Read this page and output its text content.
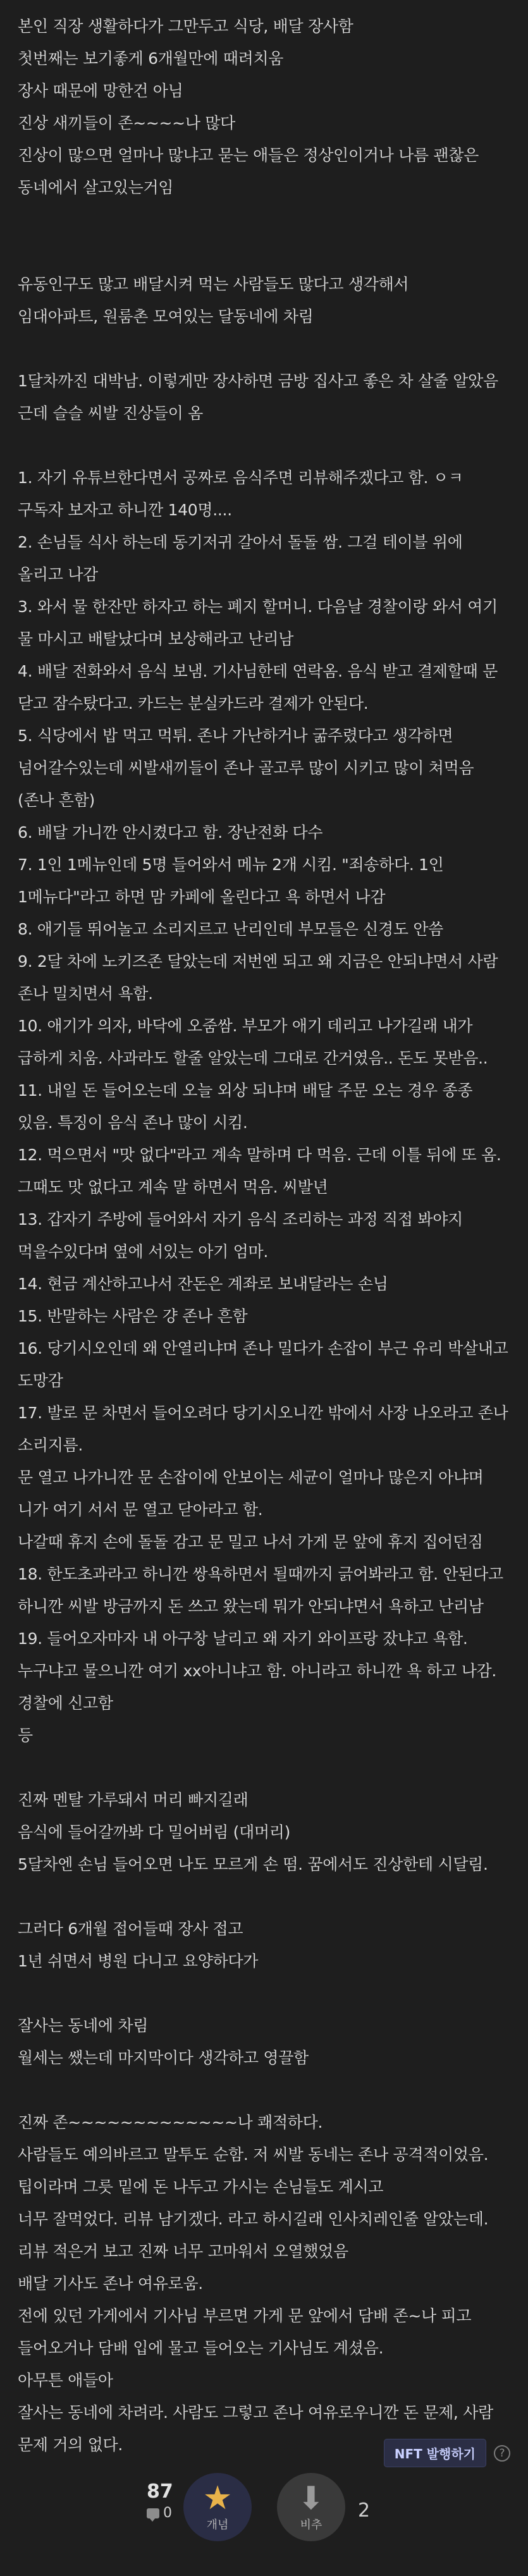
본인 직장 생활하다가 그만두고 식당, 배달 장사함
첫번째는 보기좋게 6개월만에 때려치움
장사 때문에 망한건 아님
진상 새끼들이 존~~~~나 많다
진상이 많으면 얼마나 많냐고 묻는 애들은 정상인이거나 나름 괜찮은 동네에서 살고있는거임
유동인구도 많고 배달시켜 먹는 사람들도 많다고 생각해서
임대아파트, 원룸촌 모여있는 달동네에 차림
1달차까진 대박남. 이렇게만 장사하면 금방 집사고 좋은 차 살줄 알았음
근데 슬슬 씨발 진상들이 옴
1. 자기 유튜브한다면서 공짜로 음식주면 리뷰해주겠다고 함. ㅇㅋ 구독자 보자고 하니깐 140명....
2. 손님들 식사 하는데 동기저귀 갈아서 돌돌 쌈. 그걸 테이블 위에 올리고 나감
3. 와서 물 한잔만 하자고 하는 폐지 할머니. 다음날 경찰이랑 와서 여기 물 마시고 배탈났다며 보상해라고 난리남
4. 배달 전화와서 음식 보냄. 기사님한테 연락옴. 음식 받고 결제할때 문 닫고 잠수탔다고. 카드는 분실카드라 결제가 안된다.
5. 식당에서 밥 먹고 먹튀. 존나 가난하거나 굶주렸다고 생각하면 넘어갈수있는데 씨발새끼들이 존나 골고루 많이 시키고 많이 쳐먹음 (존나 흔함)
6. 배달 가니깐 안시켰다고 함. 장난전화 다수
7. 1인 1메뉴인데 5명 들어와서 메뉴 2개 시킴. "죄송하다. 1인 1메뉴다"라고 하면 맘 카페에 올린다고 욕 하면서 나감
8. 애기들 뛰어놀고 소리지르고 난리인데 부모들은 신경도 안씀
9. 2달 차에 노키즈존 달았는데 저번엔 되고 왜 지금은 안되냐면서 사람 존나 밀치면서 욕함.
10. 애기가 의자, 바닥에 오줌쌈. 부모가 애기 데리고 나가길래 내가 급하게 치움. 사과라도 할줄 알았는데 그대로 간거였음.. 돈도 못받음..
11. 내일 돈 들어오는데 오늘 외상 되냐며 배달 주문 오는 경우 종종 있음. 특징이 음식 존나 많이 시킴.
12. 먹으면서 "맛 없다"라고 계속 말하며 다 먹음. 근데 이틀 뒤에 또 옴. 그때도 맛 없다고 계속 말 하면서 먹음. 씨발년
13. 갑자기 주방에 들어와서 자기 음식 조리하는 과정 직접 봐야지 먹을수있다며 옆에 서있는 아기 엄마.
14. 현금 계산하고나서 잔돈은 계좌로 보내달라는 손님
15. 반말하는 사람은 걍 존나 흔함
16. 당기시오인데 왜 안열리냐며 존나 밀다가 손잡이 부근 유리 박살내고 도망감
17. 발로 문 차면서 들어오려다 당기시오니깐 밖에서 사장 나오라고 존나 소리지름.
문 열고 나가니깐 문 손잡이에 안보이는 세균이 얼마나 많은지 아냐며 니가 여기 서서 문 열고 닫아라고 함.
나갈때 휴지 손에 돌돌 감고 문 밀고 나서 가게 문 앞에 휴지 집어던짐
18. 한도초과라고 하니깐 쌍욕하면서 될때까지 긁어봐라고 함. 안된다고 하니깐 씨발 방금까지 돈 쓰고 왔는데 뭐가 안되냐면서 욕하고 난리남
19. 들어오자마자 내 아구창 날리고 왜 자기 와이프랑 잤냐고 욕함. 누구냐고 물으니깐 여기 xx아니냐고 함. 아니라고 하니깐 욕 하고 나감. 경찰에 신고함
등
진짜 멘탈 가루돼서 머리 빠지길래
음식에 들어갈까봐 다 밀어버림 (대머리)
5달차엔 손님 들어오면 나도 모르게 손 떰. 꿈에서도 진상한테 시달림.
그러다 6개월 접어들때 장사 접고
1년 쉬면서 병원 다니고 요양하다가
잘사는 동네에 차림
월세는 쌨는데 마지막이다 생각하고 영끌함
진짜 존~~~~~~~~~~~~~나 쾌적하다.
사람들도 예의바르고 말투도 순함. 저 씨발 동네는 존나 공격적이었음.
팁이라며 그릇 밑에 돈 나두고 가시는 손님들도 계시고
너무 잘먹었다. 리뷰 남기겠다. 라고 하시길래 인사치레인줄 알았는데. 리뷰 적은거 보고 진짜 너무 고마워서 오열했었음
배달 기사도 존나 여유로움.
전에 있던 가게에서 기사님 부르면 가게 문 앞에서 담배 존~나 피고 들어오거나 담배 입에 물고 들어오는 기사님도 계셨음.
아무튼 애들아
잘사는 동네에 차려라. 사람도 그렇고 존나 여유로우니깐 돈 문제, 사람 문제 거의 없다.	NFT 발행하기	?
87
0 ★
개념
⬇
비추
2
